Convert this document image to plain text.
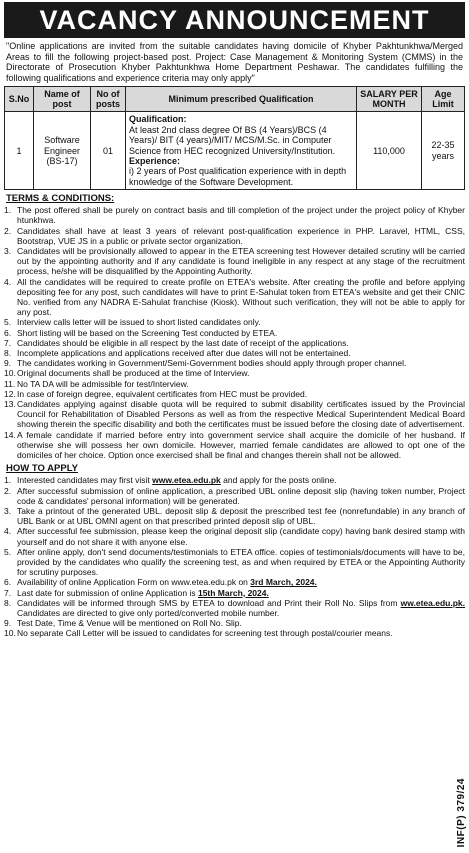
VACANCY ANNOUNCEMENT
"Online applications are invited from the suitable candidates having domicile of Khyber Pakhtunkhwa/Merged Areas to fill the following project-based post. Project: Case Management & Monitoring System (CMMS) in the Directorate of Prosecution Khyber Pakhtunkhwa Home Department Peshawar. The candidates fulfilling the following qualifications and experience criteria may only apply"
S.No	Name of post	No of posts	Minimum prescribed Qualification	SALARY PER MONTH	Age Limit
1	Software Engineer (BS-17)	01	Qualification:
At least 2nd class degree Of BS (4 Years)/BCS (4 Years)/ BIT (4 years)/MIT/ MCS/M.Sc. in Computer Science from HEC recognized University/Institution.
Experience:
i) 2 years of Post qualification experience with in depth knowledge of the Software Development.	110,000	22-35 years
TERMS & CONDITIONS:
1. The post offered shall be purely on contract basis and till completion of the project under the project policy of Khyber htunkhwa.
2. Candidates shall have at least 3 years of relevant post-qualification experience in PHP. Laravel, HTML, CSS, Bootstrap, VUE JS in a public or private sector organization.
3. Candidates will be provisionally allowed to appear in the ETEA screening test However detailed scrutiny will be carried out by the appointing authority and if any candidate is found ineligible in any respect at any stage of the recruitment process, he/she will be disqualified by the Appointing Authority.
4. All the candidates will be required to create profile on ETEA's website. After creating the profile and before applying depositing fee for any post, such candidates will have to print E-Sahulat token from ETEA's website and get their CNIC No. verified from any NADRA E-Sahulat franchise (Kiosk). Without such verification, they will not be able to apply for any post.
5. Interview calls letter will be issued to short listed candidates only.
6. Short listing will be based on the Screening Test conducted by ETEA.
7. Candidates should be eligible in all respect by the last date of receipt of the applications.
8. Incomplete applications and applications received after due dates will not be entertained.
9. The candidates working in Government/Semi-Government bodies should apply through proper channel.
10. Original documents shall be produced at the time of Interview.
11. No TA DA will be admissible for test/Interview.
12. In case of foreign degree, equivalent certificates from HEC must be provided.
13. Candidates applying against disable quota will be required to submit disability certificates issued by the Provincial Council for Rehabilitation of Disabled Persons as well as from the respective Medical Superintendent Medical Board showing therein the specific disability and both the certificates must be issued before the closing date of advertisement.
14. A female candidate if married before entry into government service shall acquire the domicile of her husband. If otherwise she will possess her own domicile. However, married female candidates are allowed to opt one of the domiciles of her choice. Option once exercised shall be final and changes therein shall not be allowed.
HOW TO APPLY
1. Interested candidates may first visit www.etea.edu.pk and apply for the posts online.
2. After successful submission of online application, a prescribed UBL online deposit slip (having token number, Project code & candidates' personal information) will be generated.
3. Take a printout of the generated UBL. deposit slip & deposit the prescribed test fee (nonrefundable) in any branch of UBL Bank or at UBL OMNI agent on that prescribed printed deposit slip of UBL.
4. After successful fee submission, please keep the original deposit slip (candidate copy) having bank desired stamp with yourself and do not share it with anyone else.
5. After online apply, don't send documents/testimonials to ETEA office. copies of testimonials/documents will have to be, provided by the candidates who qualify the screening test, as and when required by ETEA or the Appointing Authority for scrutiny purposes.
6. Availability of online Application Form on www.etea.edu.pk on 3rd March, 2024.
7. Last date for submission of online Application is 15th March, 2024.
8. Candidates will be informed through SMS by ETEA to download and Print their Roll No. Slips from ww.etea.edu.pk. Candidates are directed to give only ported/converted mobile number.
9. Test Date, Time & Venue will be mentioned on Roll No. Slip.
10. No separate Call Letter will be issued to candidates for screening test through postal/courier means.
INF(P) 379/24
